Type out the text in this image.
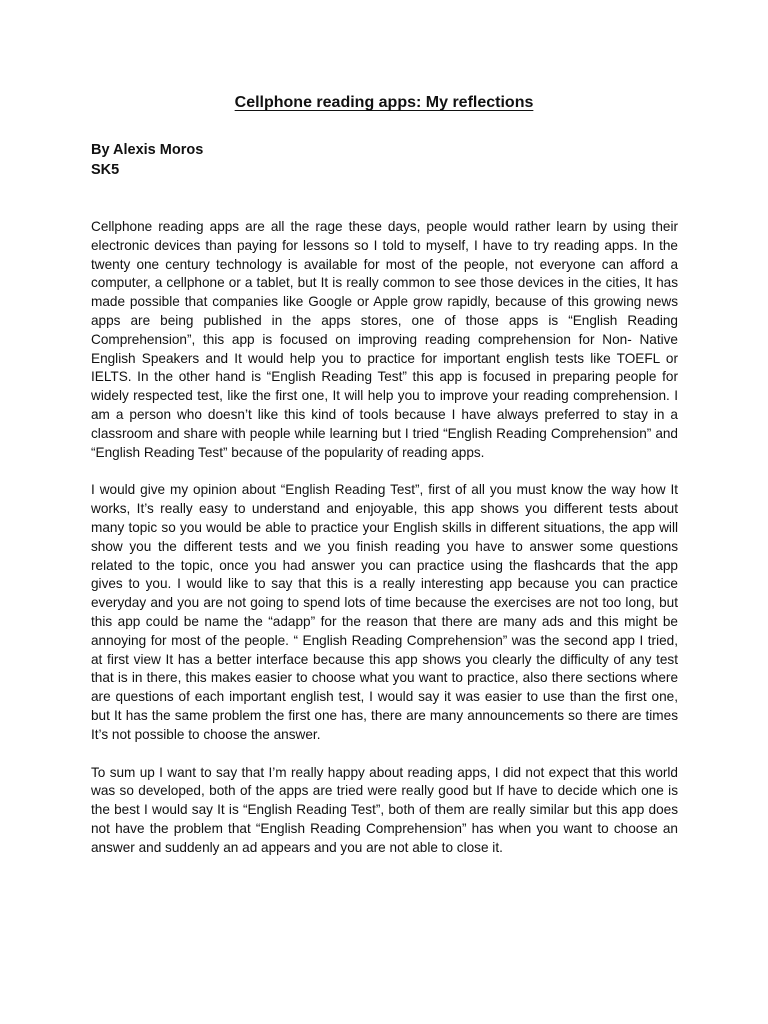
Cellphone reading apps: My reflections
By Alexis Moros
SK5

Cellphone reading apps are all the rage these days, people would rather learn by using their electronic devices than paying for lessons so I told to myself, I have to try reading apps. In the twenty one century technology is available for most of the people, not everyone can afford a computer, a cellphone or a tablet, but It is really common to see those devices in the cities, It has made possible that companies like Google or Apple grow rapidly, because of this growing news apps are being published in the apps stores, one of those apps is “English Reading Comprehension”, this app is focused on improving reading comprehension for Non- Native English Speakers and It would help you to practice for important english tests like TOEFL or IELTS. In the other hand is “English Reading Test” this app is focused in preparing people for widely respected test, like the first one, It will help you to improve your reading comprehension. I am a person who doesn’t like this kind of tools because I have always preferred to stay in a classroom and share with people while learning but I tried “English Reading Comprehension” and “English Reading Test” because of the popularity of reading apps.

I would give my opinion about “English Reading Test”, first of all you must know the way how It works, It’s really easy to understand and enjoyable, this app shows you different tests about many topic so you would be able to practice your English skills in different situations, the app will show you the different tests and we you finish reading you have to answer some questions related to the topic, once you had answer you can practice using the flashcards that the app gives to you. I would like to say that this is a really interesting app because you can practice everyday and you are not going to spend lots of time because the exercises are not too long, but this app could be name the “adapp” for the reason that there are many ads and this might be annoying for most of the people. “ English Reading Comprehension” was the second app I tried, at first view It has a better interface because this app shows you clearly the difficulty of any test that is in there, this makes easier to choose what you want to practice, also there sections where are questions of each important english test, I would say it was easier to use than the first one, but It has the same problem the first one has, there are many announcements so there are times It’s not possible to choose the answer.

To sum up I want to say that I’m really happy about reading apps, I did not expect that this world was so developed, both of the apps are tried were really good but If have to decide which one is the best I would say It is “English Reading Test”, both of them are really similar but this app does not have the problem that “English Reading Comprehension” has when you want to choose an answer and suddenly an ad appears and you are not able to close it.
